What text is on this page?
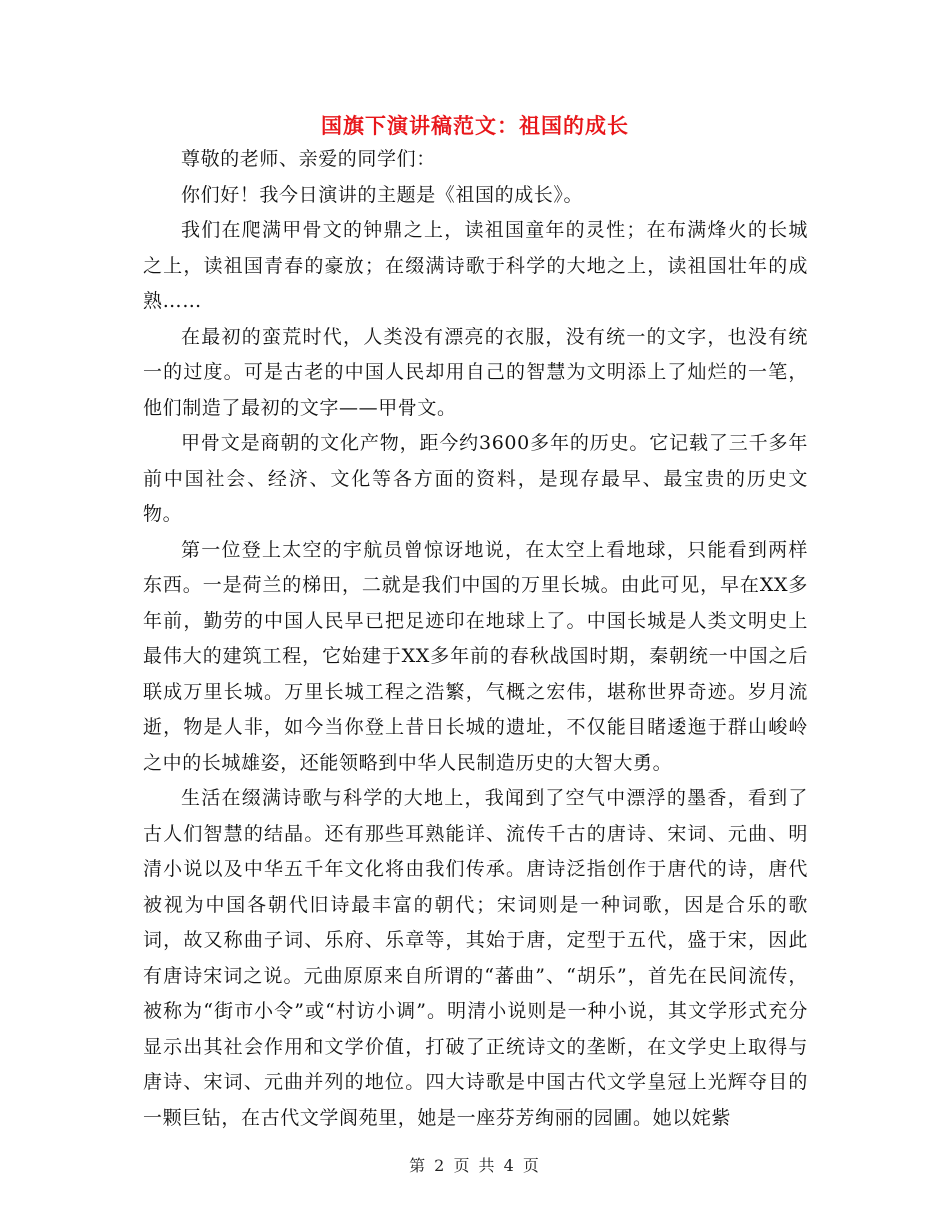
国旗下演讲稿范文：祖国的成长

尊敬的老师、亲爱的同学们：

你们好！我今日演讲的主题是《祖国的成长》。

我们在爬满甲骨文的钟鼎之上，读祖国童年的灵性；在布满烽火的长城之上，读祖国青春的豪放；在缀满诗歌于科学的大地之上，读祖国壮年的成熟……

在最初的蛮荒时代，人类没有漂亮的衣服，没有统一的文字，也没有统一的过度。可是古老的中国人民却用自己的智慧为文明添上了灿烂的一笔，他们制造了最初的文字——甲骨文。

甲骨文是商朝的文化产物，距今约3600多年的历史。它记载了三千多年前中国社会、经济、文化等各方面的资料，是现存最早、最宝贵的历史文物。

第一位登上太空的宇航员曾惊讶地说，在太空上看地球，只能看到两样东西。一是荷兰的梯田，二就是我们中国的万里长城。由此可见，早在XX多年前，勤劳的中国人民早已把足迹印在地球上了。中国长城是人类文明史上最伟大的建筑工程，它始建于XX多年前的春秋战国时期，秦朝统一中国之后联成万里长城。万里长城工程之浩繁，气概之宏伟，堪称世界奇迹。岁月流逝，物是人非，如今当你登上昔日长城的遗址，不仅能目睹逶迤于群山峻岭之中的长城雄姿，还能领略到中华人民制造历史的大智大勇。

生活在缀满诗歌与科学的大地上，我闻到了空气中漂浮的墨香，看到了古人们智慧的结晶。还有那些耳熟能详、流传千古的唐诗、宋词、元曲、明清小说以及中华五千年文化将由我们传承。唐诗泛指创作于唐代的诗，唐代被视为中国各朝代旧诗最丰富的朝代；宋词则是一种词歌，因是合乐的歌词，故又称曲子词、乐府、乐章等，其始于唐，定型于五代，盛于宋，因此有唐诗宋词之说。元曲原原来自所谓的“蕃曲”、“胡乐”，首先在民间流传，被称为“街市小令”或“村访小调”。明清小说则是一种小说，其文学形式充分显示出其社会作用和文学价值，打破了正统诗文的垄断，在文学史上取得与唐诗、宋词、元曲并列的地位。四大诗歌是中国古代文学皇冠上光辉夺目的一颗巨钻，在古代文学阆苑里，她是一座芬芳绚丽的园圃。她以姹紫

第 2 页 共 4 页
